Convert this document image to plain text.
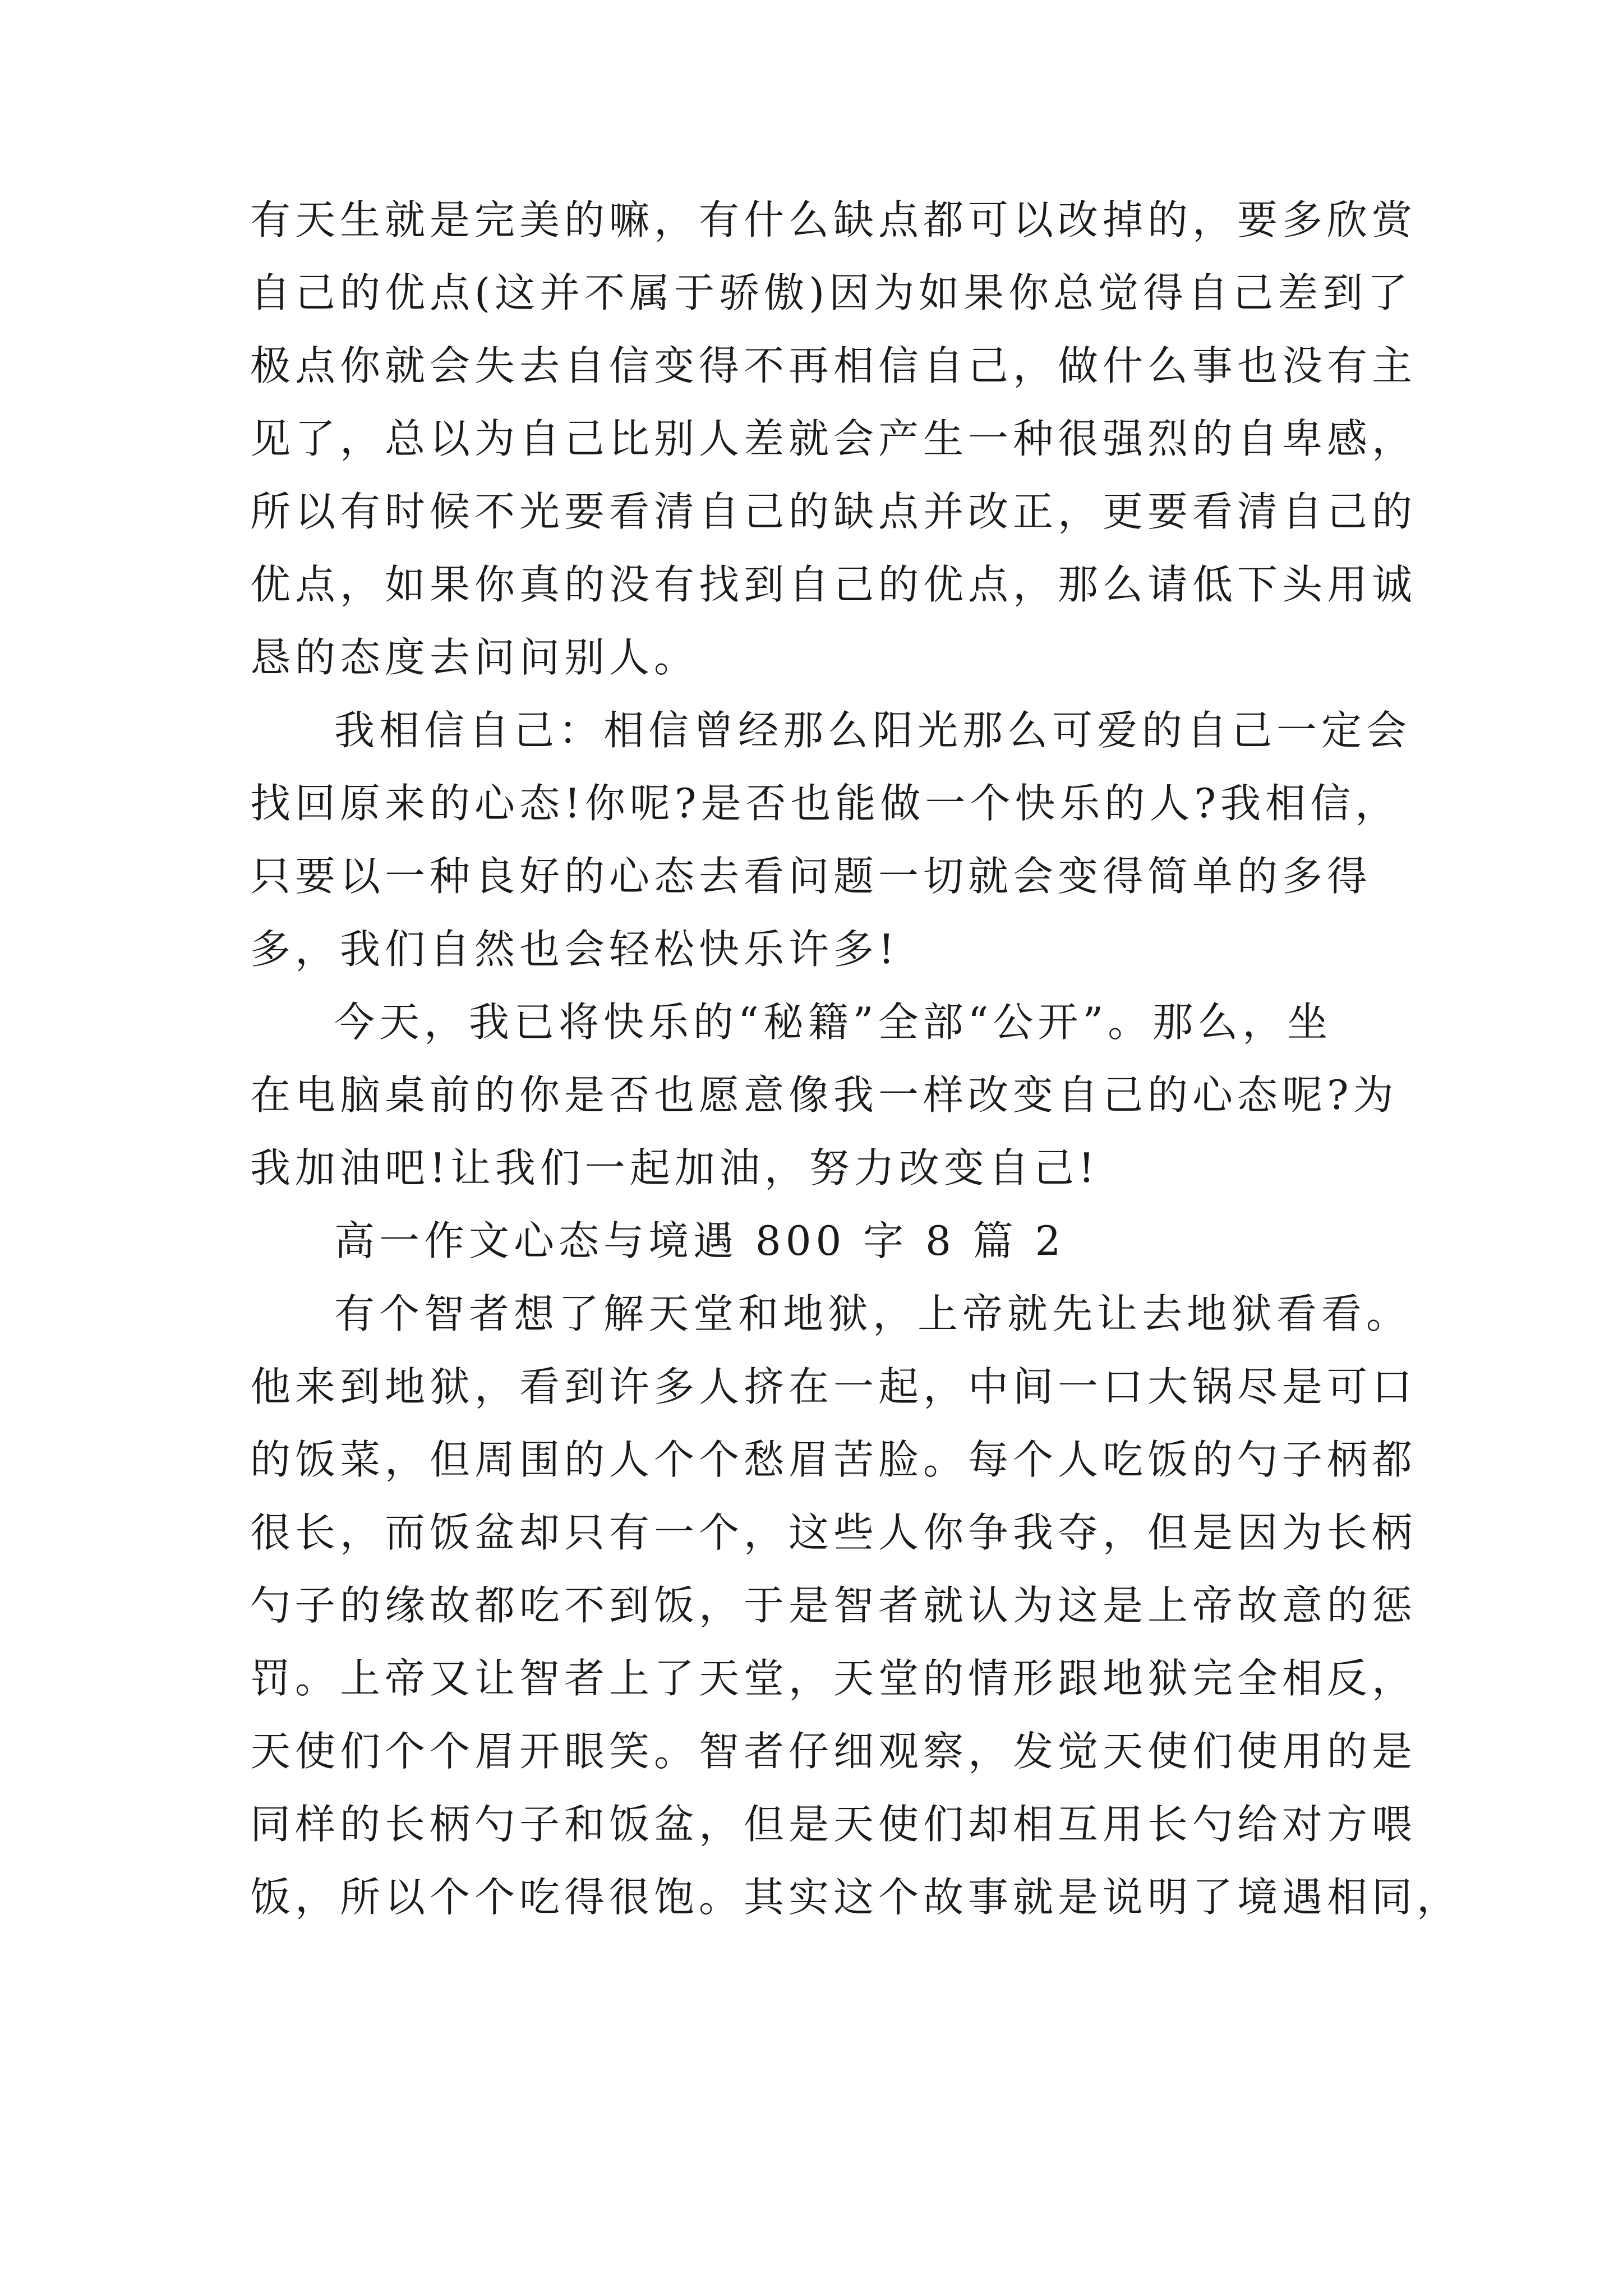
有天生就是完美的嘛，有什么缺点都可以改掉的，要多欣赏
自己的优点(这并不属于骄傲)因为如果你总觉得自己差到了
极点你就会失去自信变得不再相信自己，做什么事也没有主
见了，总以为自己比别人差就会产生一种很强烈的自卑感，
所以有时候不光要看清自己的缺点并改正，更要看清自己的
优点，如果你真的没有找到自己的优点，那么请低下头用诚
恳的态度去问问别人。
我相信自己：相信曾经那么阳光那么可爱的自己一定会
找回原来的心态!你呢?是否也能做一个快乐的人?我相信，
只要以一种良好的心态去看问题一切就会变得简单的多得
多，我们自然也会轻松快乐许多!
今天，我已将快乐的“秘籍”全部“公开”。那么，坐
在电脑桌前的你是否也愿意像我一样改变自己的心态呢?为
我加油吧!让我们一起加油，努力改变自己!
高一作文心态与境遇 800 字 8 篇 2
有个智者想了解天堂和地狱，上帝就先让去地狱看看。
他来到地狱，看到许多人挤在一起，中间一口大锅尽是可口
的饭菜，但周围的人个个愁眉苦脸。每个人吃饭的勺子柄都
很长，而饭盆却只有一个，这些人你争我夺，但是因为长柄
勺子的缘故都吃不到饭，于是智者就认为这是上帝故意的惩
罚。上帝又让智者上了天堂，天堂的情形跟地狱完全相反，
天使们个个眉开眼笑。智者仔细观察，发觉天使们使用的是
同样的长柄勺子和饭盆，但是天使们却相互用长勺给对方喂
饭，所以个个吃得很饱。其实这个故事就是说明了境遇相同，
